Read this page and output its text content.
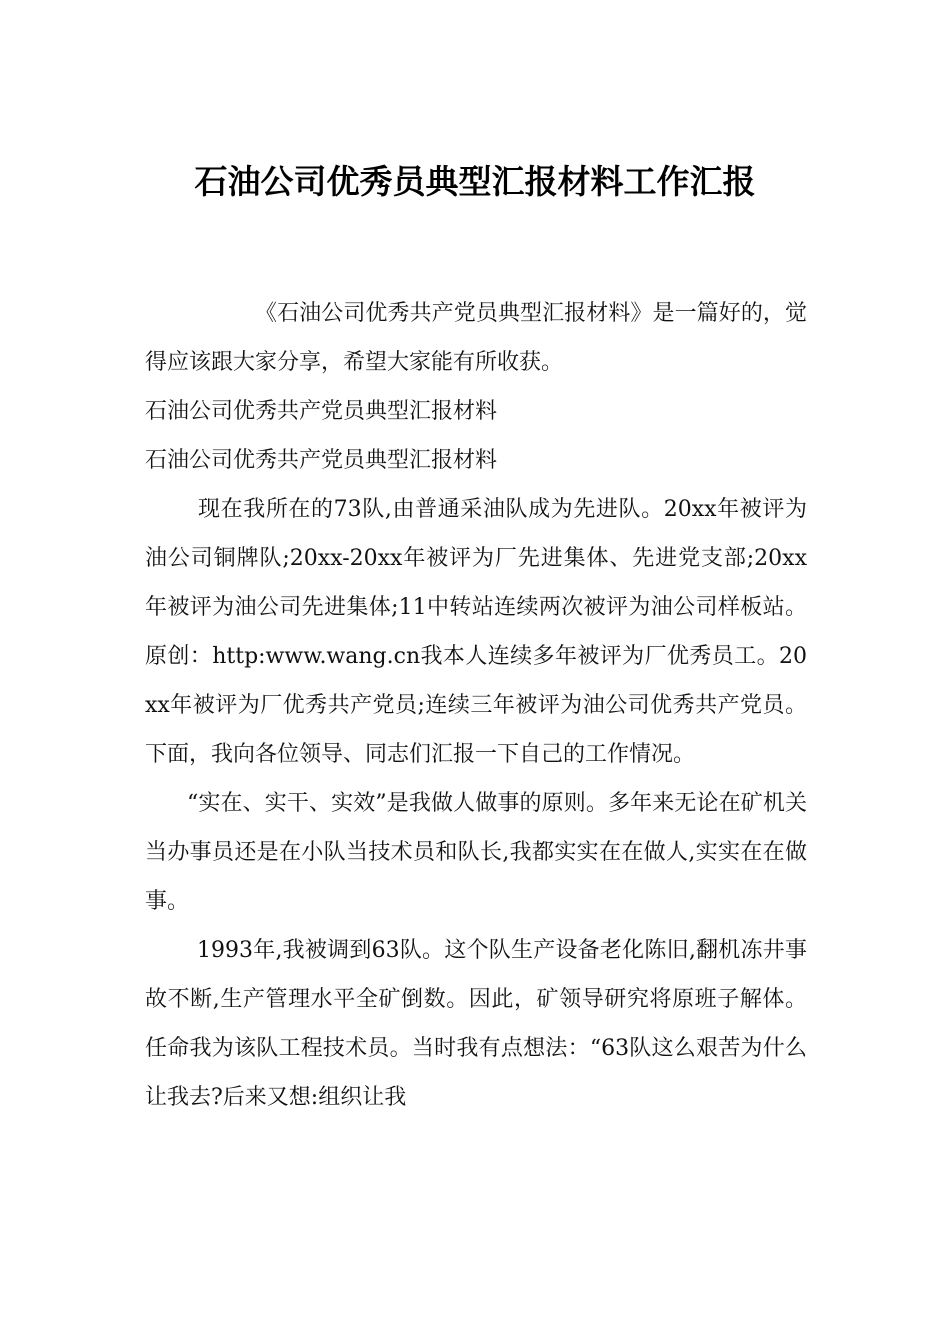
石油公司优秀员典型汇报材料工作汇报

《石油公司优秀共产党员典型汇报材料》是一篇好的，觉得应该跟大家分享，希望大家能有所收获。

石油公司优秀共产党员典型汇报材料

石油公司优秀共产党员典型汇报材料

现在我所在的73队,由普通采油队成为先进队。20xx年被评为油公司铜牌队;20xx-20xx年被评为厂先进集体、先进党支部;20xx年被评为油公司先进集体;11中转站连续两次被评为油公司样板站。原创：http:www.wang.cn我本人连续多年被评为厂优秀员工。20xx年被评为厂优秀共产党员;连续三年被评为油公司优秀共产党员。下面，我向各位领导、同志们汇报一下自己的工作情况。

“实在、实干、实效”是我做人做事的原则。多年来无论在矿机关当办事员还是在小队当技术员和队长,我都实实在在做人,实实在在做事。

1993年,我被调到63队。这个队生产设备老化陈旧,翻机冻井事故不断,生产管理水平全矿倒数。因此，矿领导研究将原班子解体。任命我为该队工程技术员。当时我有点想法：“63队这么艰苦为什么让我去?后来又想:组织让我
